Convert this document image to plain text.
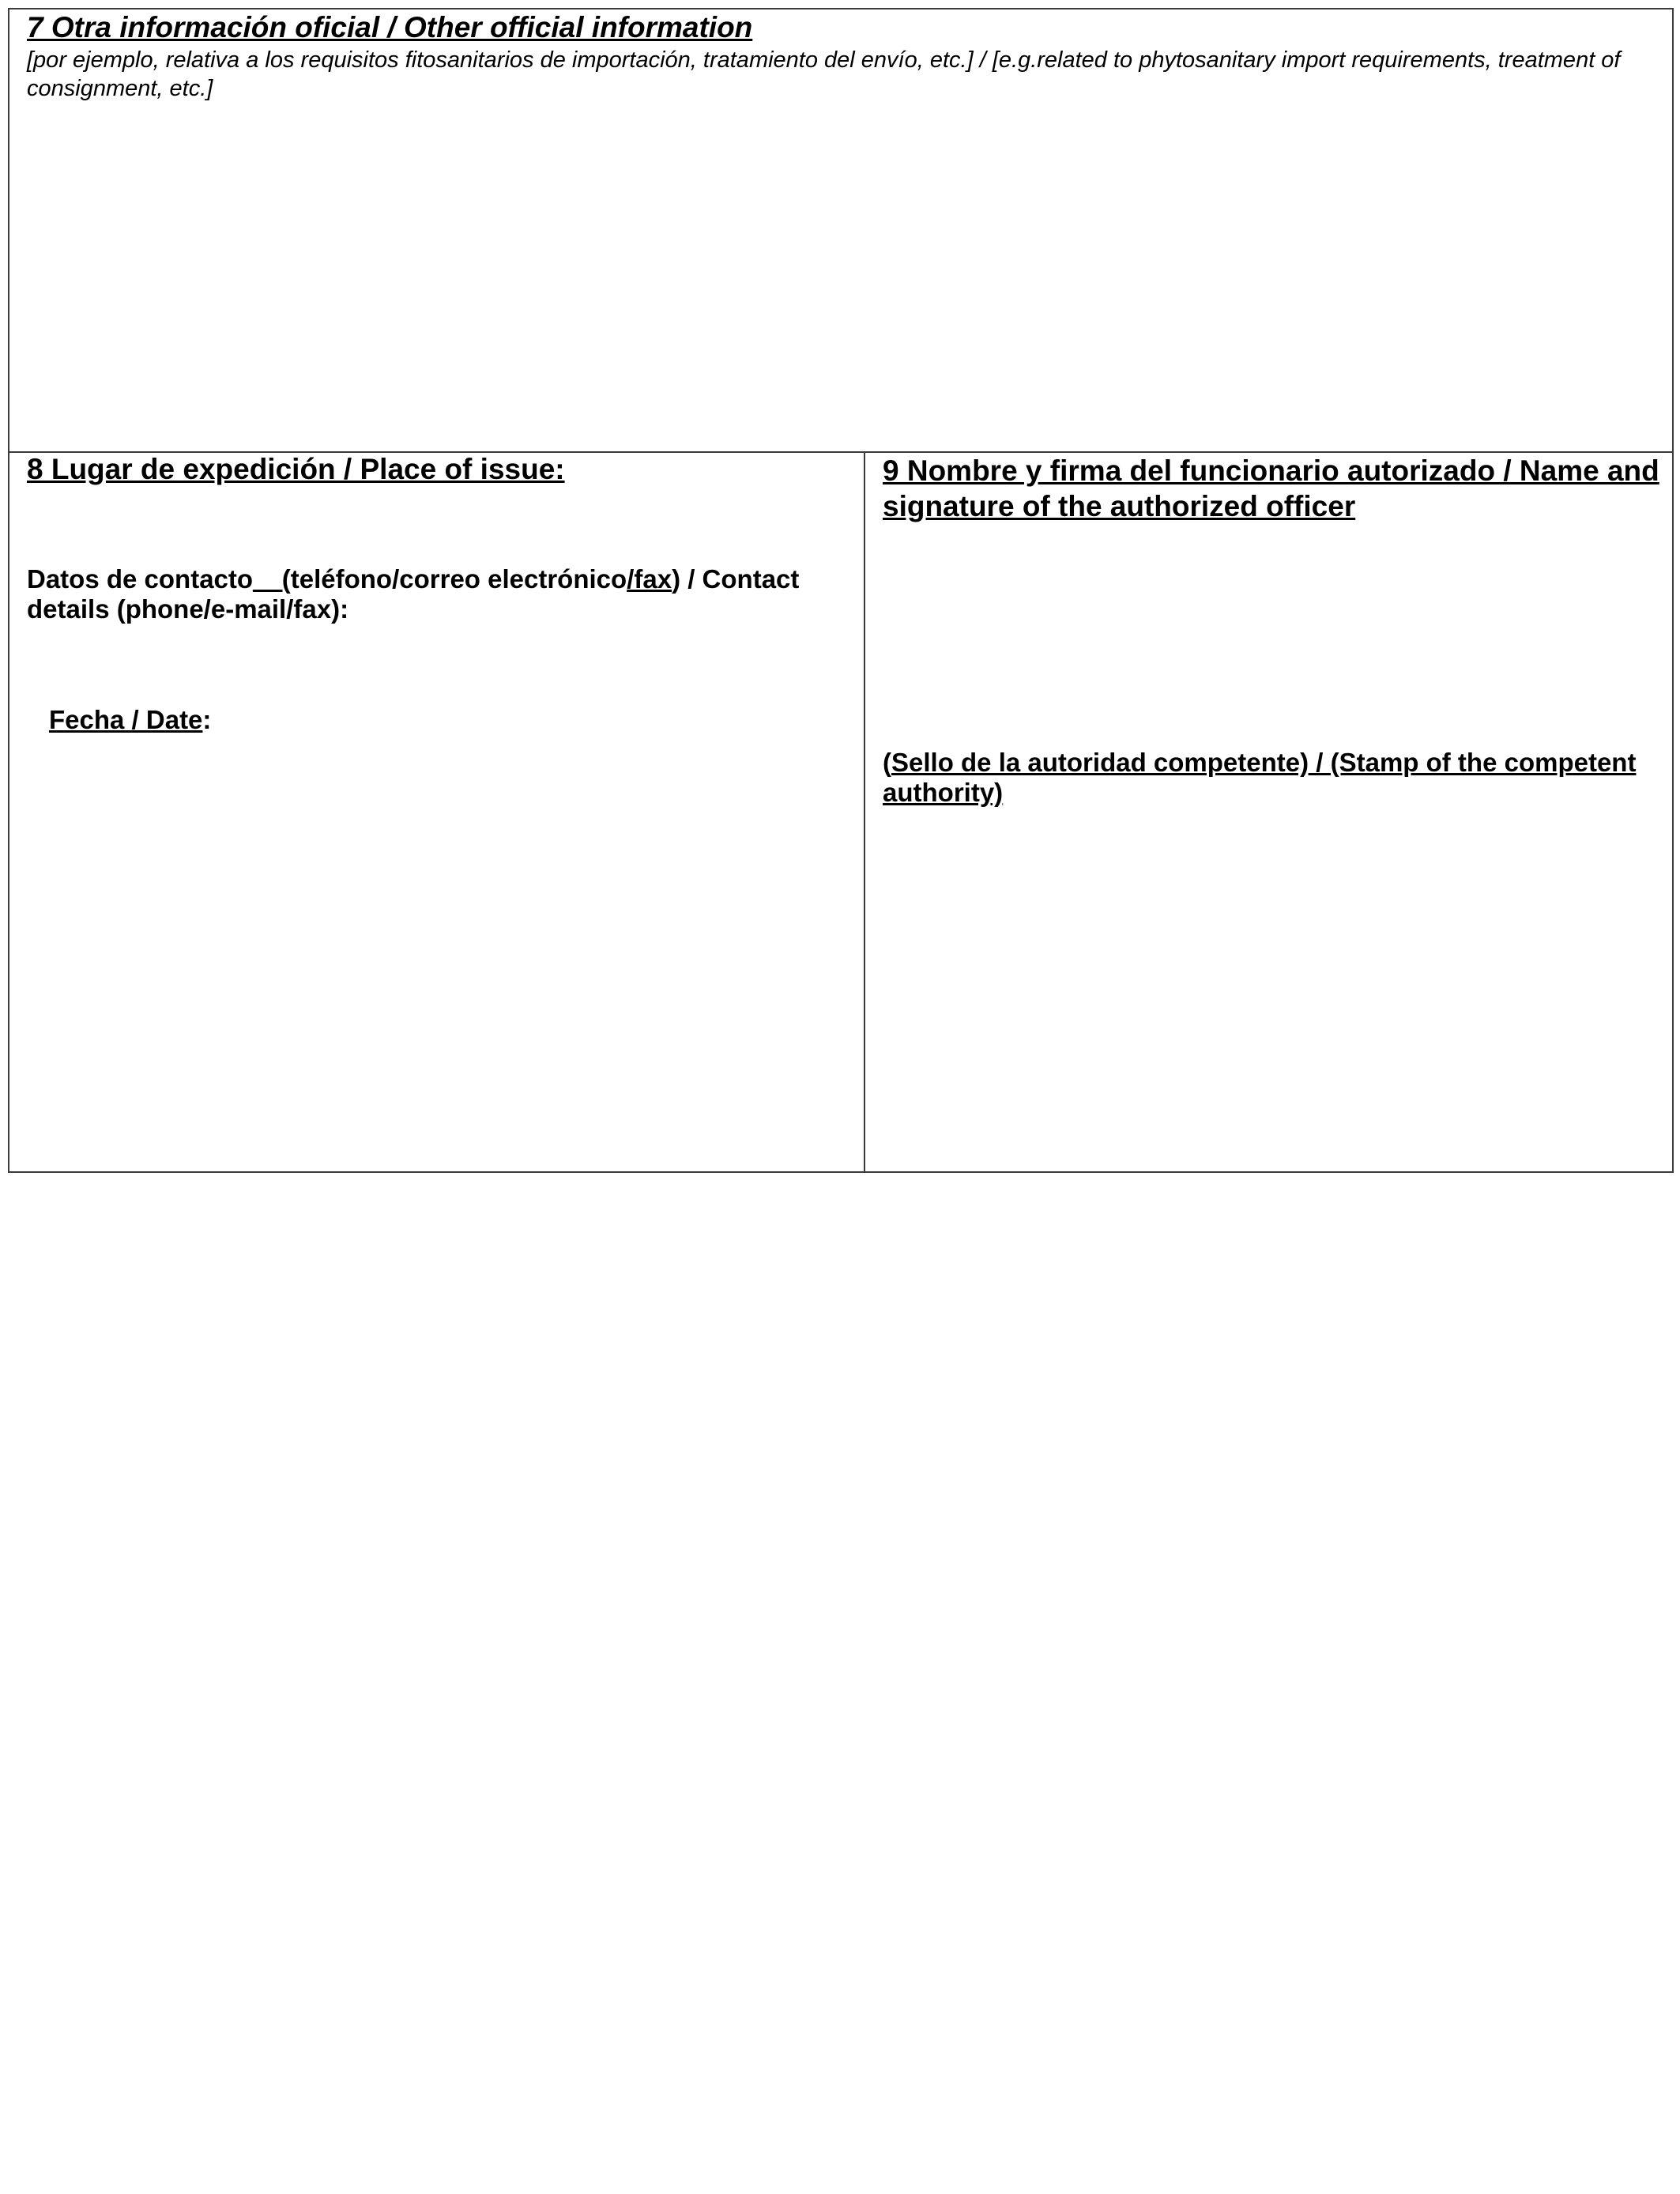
7 Otra información oficial / Other official information
[por ejemplo, relativa a los requisitos fitosanitarios de importación, tratamiento del envío, etc.] / [e.g.related to phytosanitary import requirements, treatment of consignment, etc.]
8 Lugar de expedición / Place of issue:
Datos de contacto__(teléfono/correo electrónico/fax) / Contact details (phone/e-mail/fax):
Fecha / Date:
9 Nombre y firma del funcionario autorizado / Name and signature of the authorized officer
(Sello de la autoridad competente) / (Stamp of the competent authority)
